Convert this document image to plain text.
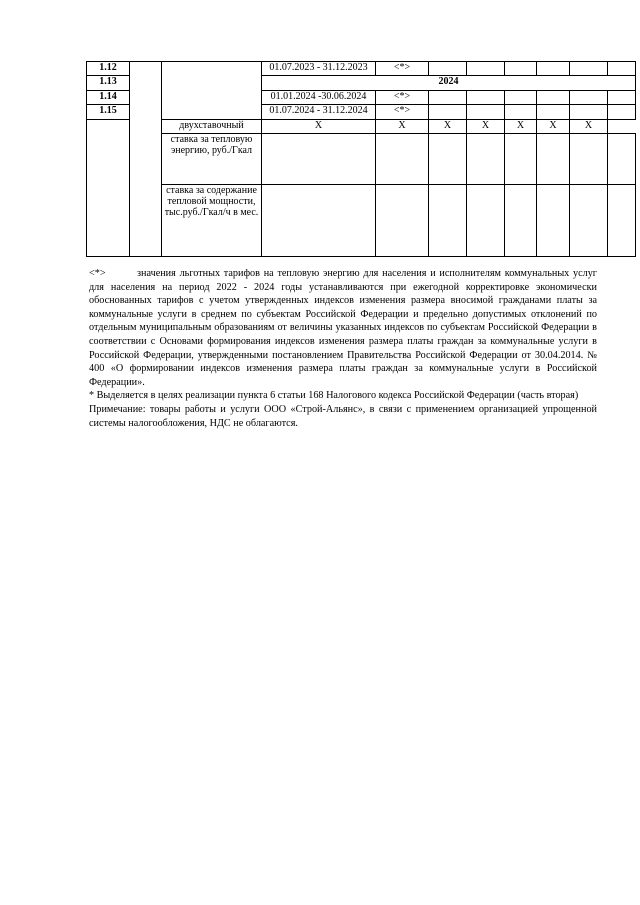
1.12			01.07.2023 - 31.12.2023	<*>						
1.13			2024							
1.14			01.01.2024 -30.06.2024	<*>						
1.15			01.07.2024 - 31.12.2024	<*>						
		двухставочный	Х	Х	Х	Х	Х	Х	Х	
		ставка за тепловую энергию, руб./Гкал								
		ставка за содержание тепловой мощности, тыс.руб./Гкал/ч в мес.								

<*>	значения льготных тарифов на тепловую энергию для населения и исполнителям коммунальных услуг для населения на период 2022 - 2024 годы устанавливаются при ежегодной корректировке экономически обоснованных тарифов с учетом утвержденных индексов изменения размера вносимой гражданами платы за коммунальные услуги в среднем по субъектам Российской Федерации и предельно допустимых отклонений по отдельным муниципальным образованиям от величины указанных индексов по субъектам Российской Федерации в соответствии с Основами формирования индексов изменения размера платы граждан за коммунальные услуги в Российской Федерации, утвержденными постановлением Правительства Российской Федерации от 30.04.2014. № 400 «О формировании индексов изменения размера платы граждан за коммунальные услуги в Российской Федерации».

* Выделяется в целях реализации пункта 6 статьи 168 Налогового кодекса Российской Федерации (часть вторая)

Примечание: товары работы и услуги ООО «Строй-Альянс», в связи с применением организацией упрощенной системы налогообложения, НДС не облагаются.
